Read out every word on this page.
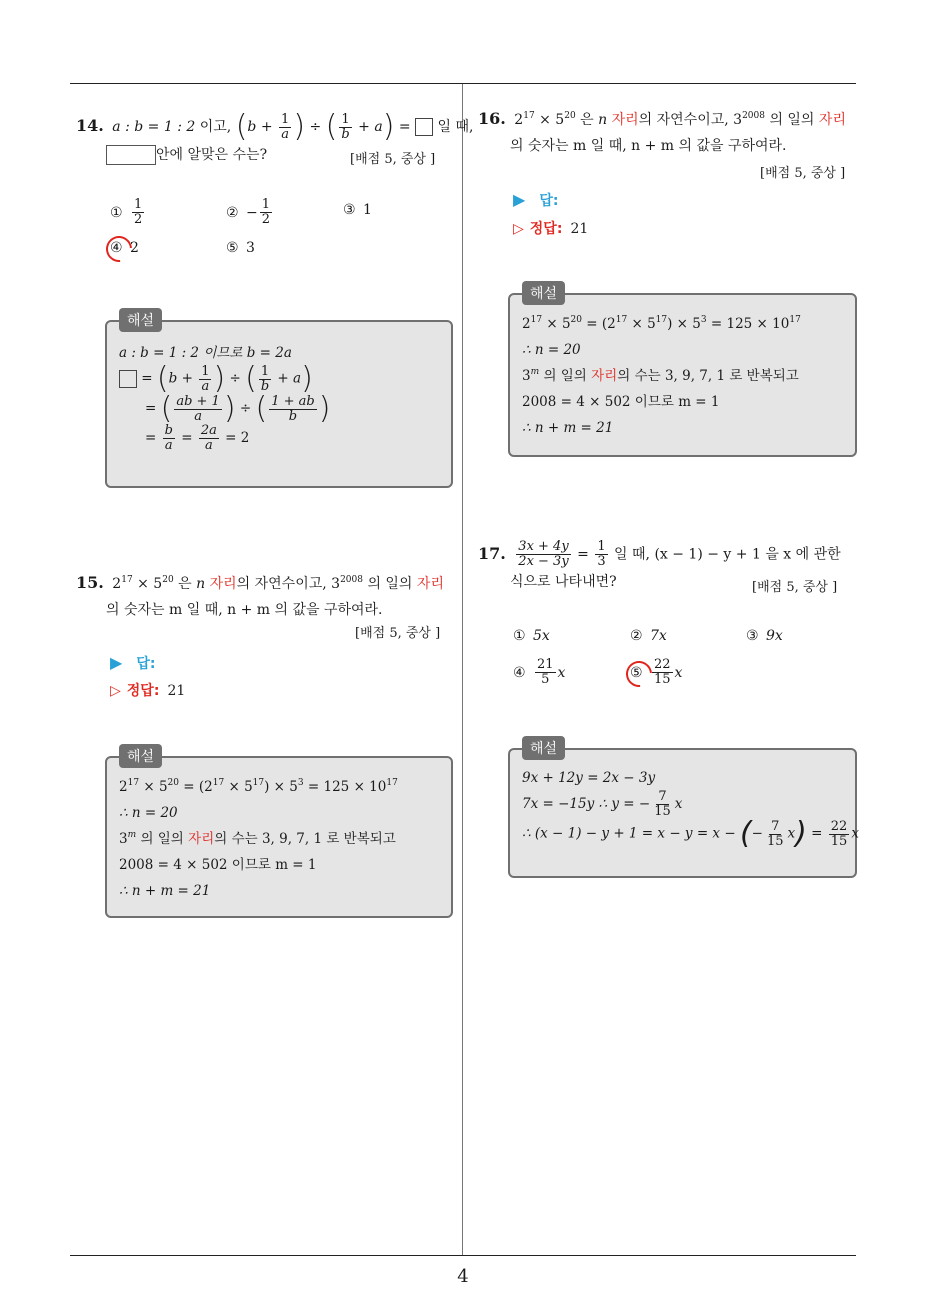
4
14. a : b = 1 : 2 이고, ($b + \frac{1}{a}$ ) ÷ ( $\frac{1}{b} + a$) =  일 때,
안에 알맞은 수는?	[배점 5, 중상 ]
① $\frac{1}{2}$	② − $\frac{1}{2}$	③ 1
④ 2	⑤ 3
해설
a : b = 1 : 2 이므로 b = 2a
= ($b + \frac{1}{a}$ ) ÷ ( $\frac{1}{b} + a$)
= ( $\frac{ab + 1}{a}$ ) ÷ ( $\frac{1 + ab}{b}$ )
= $\frac{b}{a} = \frac{2a}{a} = 2$
15. $2^{17} \times 5^{20}$ 은 n 자리의 자연수이고, $3^{2008}$ 의 일의 자리
의 숫자는 m 일 때, n + m 의 값을 구하여라.
[배점 5, 중상 ]
▶ 답:
▷ 정답: 21
해설
$2^{17} \times 5^{20} = (2^{17} \times 5^{17}) \times 5^3 = 125 \times 10^{17}$
∴ n = 20
3$^m$ 의 일의 자리의 수는 3, 9, 7, 1 로 반복되고
2008 = 4 × 502 이므로 m = 1
∴ n + m = 21
16. $2^{17} \times 5^{20}$ 은 n 자리의 자연수이고, $3^{2008}$ 의 일의 자리
의 숫자는 m 일 때, n + m 의 값을 구하여라.
[배점 5, 중상 ]
▶ 답:
▷ 정답: 21
해설
$2^{17} \times 5^{20} = (2^{17} \times 5^{17}) \times 5^3 = 125 \times 10^{17}$
∴ n = 20
3$^m$ 의 일의 자리의 수는 3, 9, 7, 1 로 반복되고
2008 = 4 × 502 이므로 m = 1
∴ n + m = 21
17. $\frac{3x + 4y}{2x - 3y} = \frac{1}{3}$ 일 때, (x − 1) − y + 1 을 x 에 관한
식으로 나타내면?	[배점 5, 중상 ]
① 5x	② 7x	③ 9x
④ $\frac{21}{5}$ x	⑤ $\frac{22}{15}$ x
해설
9x + 12y = 2x − 3y
7x = −15y ∴ y = − $\frac{7}{15}$ x
∴ (x − 1) − y + 1 = x − y = x − (− $\frac{7}{15} x) = \frac{22}{15}$ x
